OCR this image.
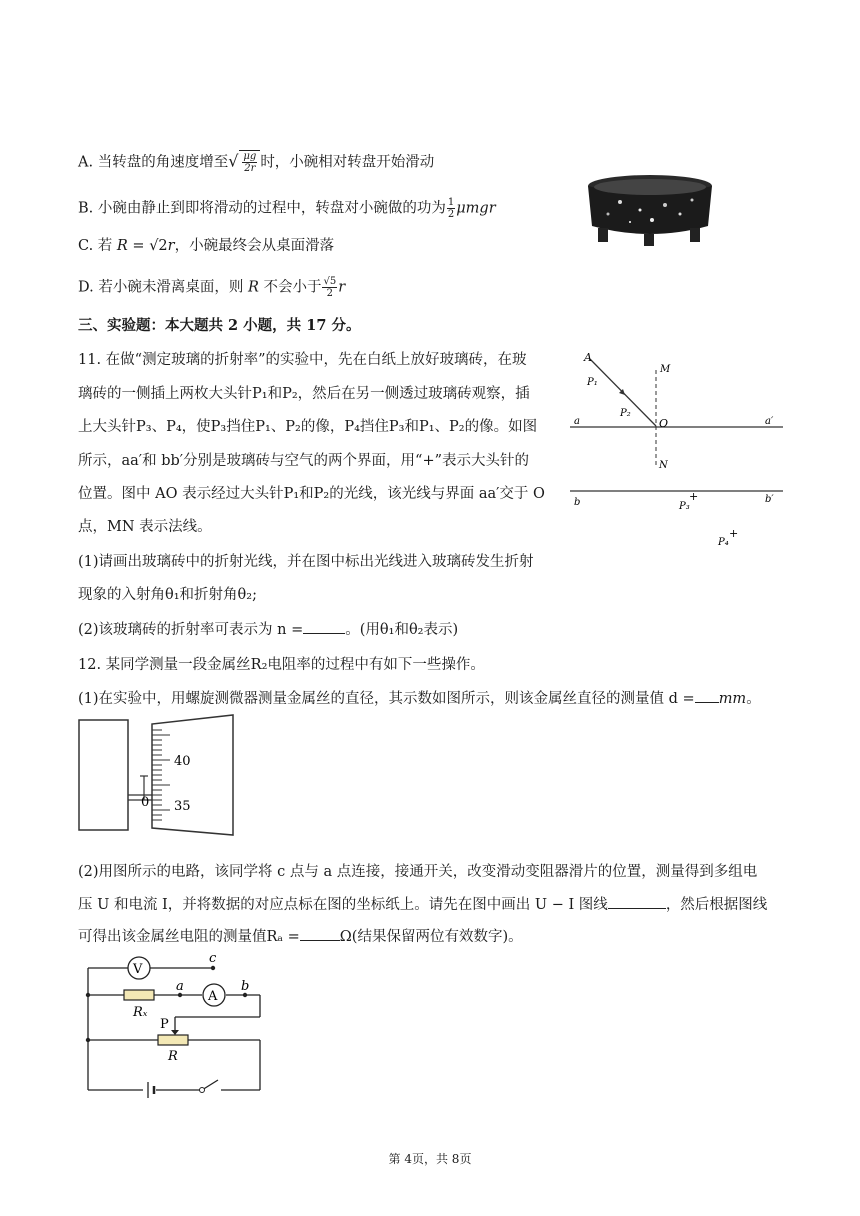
A. 当转盘的角速度增至√ $\frac{\mu g}{2r}$ 时，小碗相对转盘开始滑动
B. 小碗由静止到即将滑动的过程中，转盘对小碗做的功为 $\frac{1}{2}$ μmgr
C. 若 R = √2r，小碗最终会从桌面滑落
D. 若小碗未滑离桌面，则 R 不会小于 $\frac{√5}{2}$ r
三、实验题：本大题共 2 小题，共 17 分。
11. 在做“测定玻璃的折射率”的实验中，先在白纸上放好玻璃砖，在玻
璃砖的一侧插上两枚大头针P₁和P₂，然后在另一侧透过玻璃砖观察，插
上大头针P₃、P₄，使P₃挡住P₁、P₂的像，P₄挡住P₃和P₁、P₂的像。如图
所示，aa′和 bb′分别是玻璃砖与空气的两个界面，用“+”表示大头针的
位置。图中 AO 表示经过大头针P₁和P₂的光线，该光线与界面 aa′交于 O
点，MN 表示法线。
(1)请画出玻璃砖中的折射光线，并在图中标出光线进入玻璃砖发生折射
现象的入射角θ₁和折射角θ₂;
(2)该玻璃砖的折射率可表示为 n =	。(用θ₁和θ₂表示)
A
P₁
P₂
M
O
N
a	a′
b	b′
P₃
+
P₄
+
12. 某同学测量一段金属丝R₂电阻率的过程中有如下一些操作。
(1)在实验中，用螺旋测微器测量金属丝的直径，其示数如图所示，则该金属丝直径的测量值 d = mm。
40
35
0
(2)用图所示的电路，该同学将 c 点与 a 点连接，接通开关，改变滑动变阻器滑片的位置，测量得到多组电
压 U 和电流 I，并将数据的对应点标在图的坐标纸上。请先在图中画出 U − I 图线	，然后根据图线
可得出该金属丝电阻的测量值Rₐ =	Ω(结果保留两位有效数字)。
V
A
c
a	b
Rₓ
P
R
第 4页，共 8页
